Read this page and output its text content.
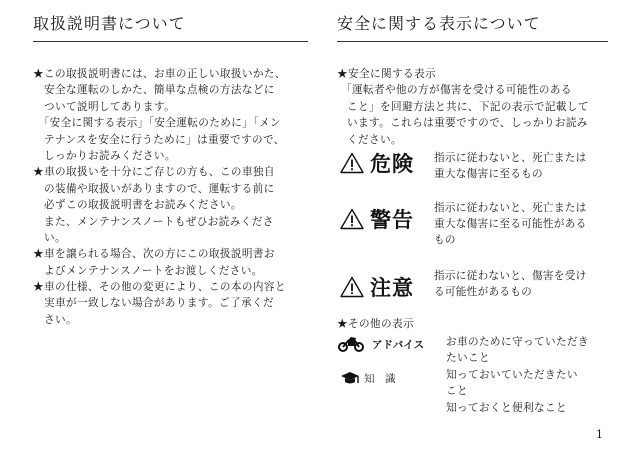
取扱説明書について
★この取扱説明書には、お車の正しい取扱いかた、
　安全な運転のしかた、簡単な点検の方法などに
　ついて説明してあります。
　「安全に関する表示」「安全運転のために」「メン
　テナンスを安全に行うために」は重要ですので、
　しっかりお読みください。
★車の取扱いを十分にご存じの方も、この車独自
　の装備や取扱いがありますので、運転する前に
　必ずこの取扱説明書をお読みください。
　また、メンテナンスノートもぜひお読みくださ
　い。
★車を譲られる場合、次の方にこの取扱説明書お
　よびメンテナンスノートをお渡しください。
★車の仕様、その他の変更により、この本の内容と
　実車が一致しない場合があります。ご了承くだ
　さい。
安全に関する表示について
★安全に関する表示
「運転者や他の方が傷害を受ける可能性のある
こと」を回避方法と共に、下記の表示で記載して
います。これらは重要ですので、しっかりお読み
ください。
危険 指示に従わないと、死亡または
重大な傷害に至るもの
警告 指示に従わないと、死亡または
重大な傷害に至る可能性がある
もの
注意 指示に従わないと、傷害を受け
る可能性があるもの
★その他の表示
アドバイス お車のために守っていただき
たいこと
知　識	知っておいていただきたい
こと
知っておくと便利なこと
1
